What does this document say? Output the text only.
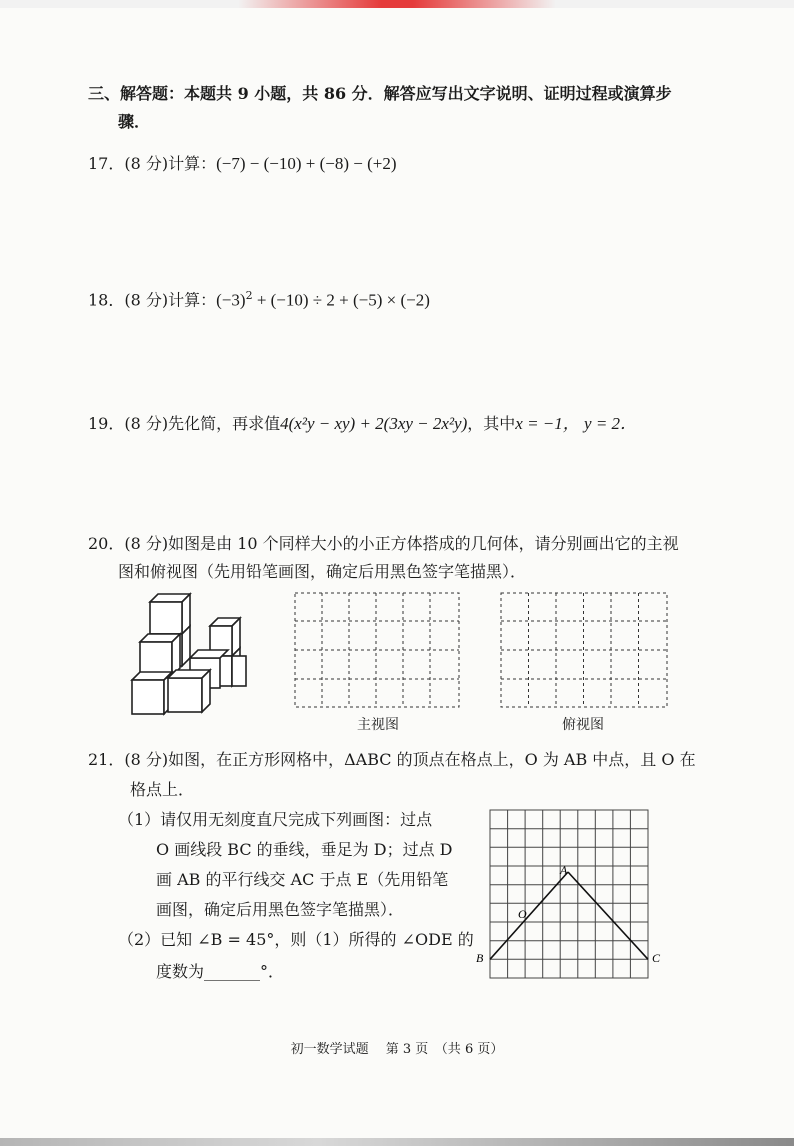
三、解答题：本题共 9 小题，共 86 分．解答应写出文字说明、证明过程或演算步
骤．
17．(8 分)计算：(−7) − (−10) + (−8) − (+2)
18．(8 分)计算：$(-3)^2 + (-10) \div 2 + (-5) \times (-2)$
19．(8 分)先化简，再求值4(x²y − xy) + 2(3xy − 2x²y)，其中x = −1， y = 2．
20．(8 分)如图是由 10 个同样大小的小正方体搭成的几何体，请分别画出它的主视
图和俯视图（先用铅笔画图，确定后用黑色签字笔描黑）．
主视图	俯视图
21．(8 分)如图，在正方形网格中，ΔABC 的顶点在格点上，O 为 AB 中点，且 O 在
格点上．
（1）请仅用无刻度直尺完成下列画图：过点
O 画线段 BC 的垂线，垂足为 D；过点 D
画 AB 的平行线交 AC 于点 E（先用铅笔
画图，确定后用黑色签字笔描黑）．
（2）已知 ∠B = 45°，则（1）所得的 ∠ODE 的
度数为_______°．
A
O
B	C
初一数学试题　 第 3 页　（共 6 页）
